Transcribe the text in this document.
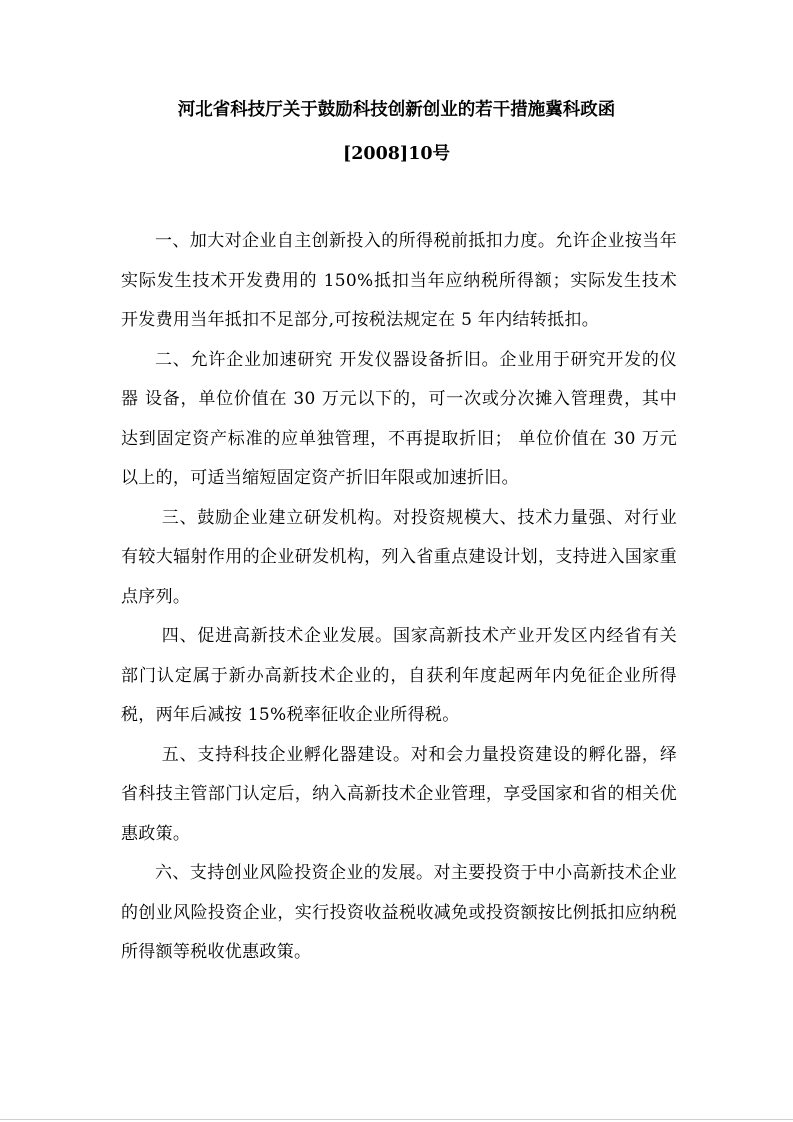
河北省科技厅关于鼓励科技创新创业的若干措施冀科政函
[2008]10号

一、加大对企业自主创新投入的所得税前抵扣力度。允许企业按当年实际发生技术开发费用的 150%抵扣当年应纳税所得额；实际发生技术开发费用当年抵扣不足部分,可按税法规定在 5 年内结转抵扣。

二、允许企业加速研究 开发仪器设备折旧。企业用于研究开发的仪器 设备，单位价值在 30 万元以下的，可一次或分次摊入管理费，其中达到固定资产标准的应单独管理，不再提取折旧； 单位价值在 30 万元以上的，可适当缩短固定资产折旧年限或加速折旧。

三、鼓励企业建立研发机构。对投资规模大、技术力量强、对行业有较大辐射作用的企业研发机构，列入省重点建设计划，支持进入国家重点序列。

四、促进高新技术企业发展。国家高新技术产业开发区内经省有关部门认定属于新办高新技术企业的，自获利年度起两年内免征企业所得税，两年后减按 15%税率征收企业所得税。

五、支持科技企业孵化器建设。对和会力量投资建设的孵化器，绎省科技主管部门认定后，纳入高新技术企业管理，享受国家和省的相关优惠政策。

六、支持创业风险投资企业的发展。对主要投资于中小高新技术企业的创业风险投资企业，实行投资收益税收减免或投资额按比例抵扣应纳税所得额等税收优惠政策。
